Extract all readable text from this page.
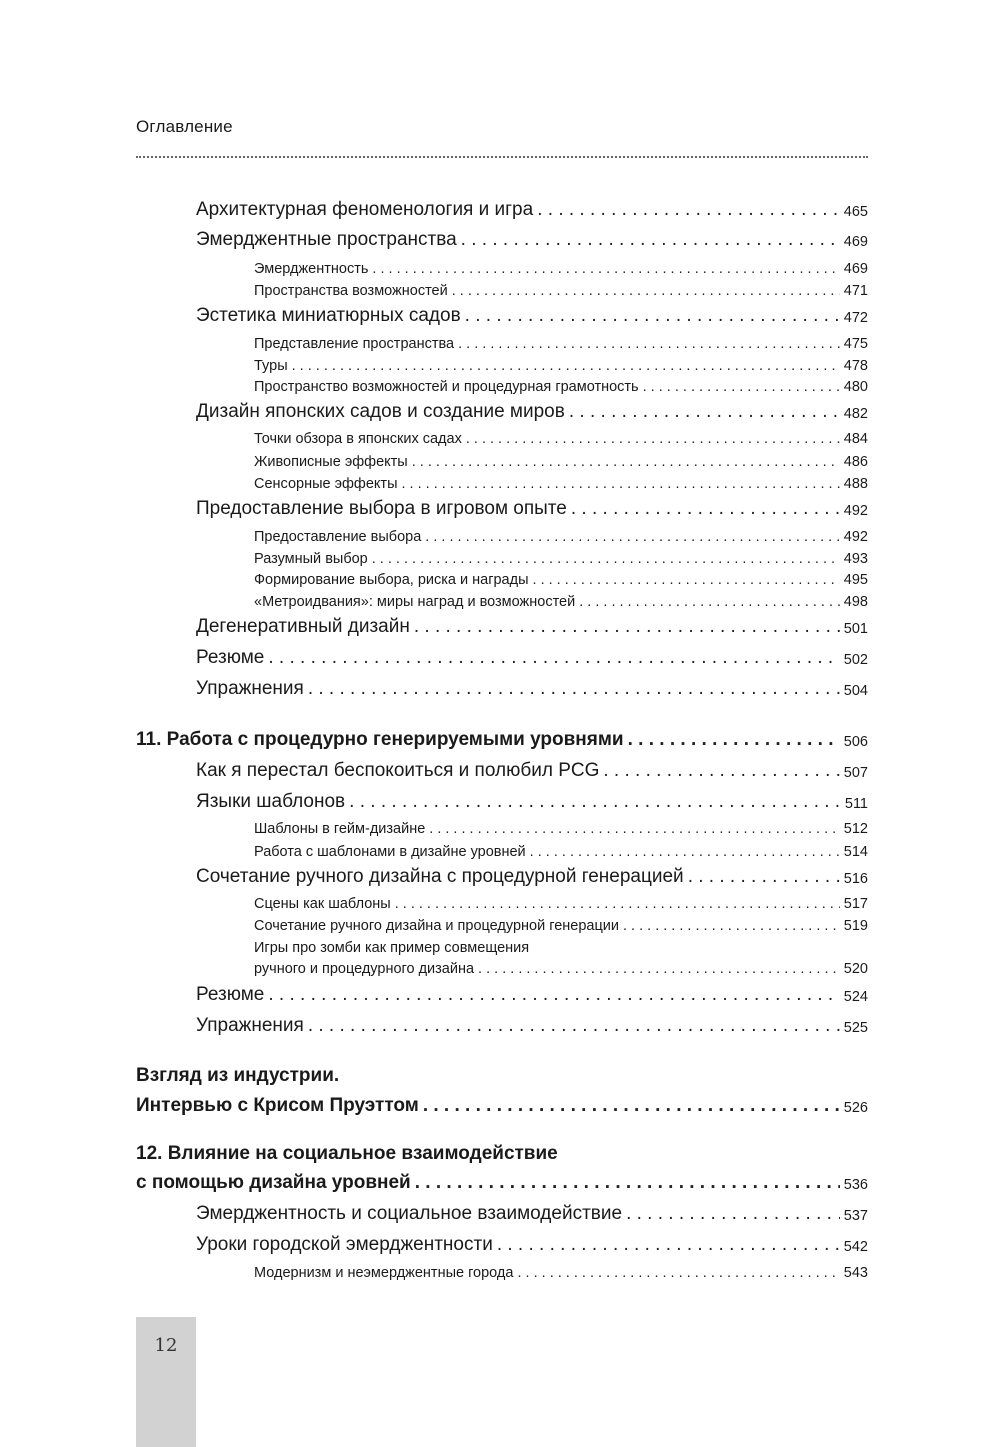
Оглавление
Архитектурная феноменология и игра . . .	465
Эмерджентные пространства . . .	469
Эмерджентность . . .	469
Пространства возможностей . . .	471
Эстетика миниатюрных садов . . .	472
Представление пространства . . .	475
Туры . . .	478
Пространство возможностей и процедурная грамотность . . .	480
Дизайн японских садов и создание миров . . .	482
Точки обзора в японских садах . . .	484
Живописные эффекты . . .	486
Сенсорные эффекты . . .	488
Предоставление выбора в игровом опыте . . .	492
Предоставление выбора . . .	492
Разумный выбор . . .	493
Формирование выбора, риска и награды . . .	495
«Метроидвания»: миры наград и возможностей . . .	498
Дегенеративный дизайн . . .	501
Резюме . . .	502
Упражнения . . .	504
11. Работа с процедурно генерируемыми уровнями . . .	506
Как я перестал беспокоиться и полюбил PCG . . .	507
Языки шаблонов . . .	511
Шаблоны в гейм-дизайне . . .	512
Работа с шаблонами в дизайне уровней . . .	514
Сочетание ручного дизайна с процедурной генерацией . . .	516
Сцены как шаблоны . . .	517
Сочетание ручного дизайна и процедурной генерации . . .	519
Игры про зомби как пример совмещения
ручного и процедурного дизайна . . .	520
Резюме . . .	524
Упражнения . . .	525
Взгляд из индустрии.
Интервью с Крисом Пруэттом . . .	526
12. Влияние на социальное взаимодействие
с помощью дизайна уровней . . .	536
Эмерджентность и социальное взаимодействие . . .	537
Уроки городской эмерджентности . . .	542
Модернизм и неэмерджентные города . . .	543
12
